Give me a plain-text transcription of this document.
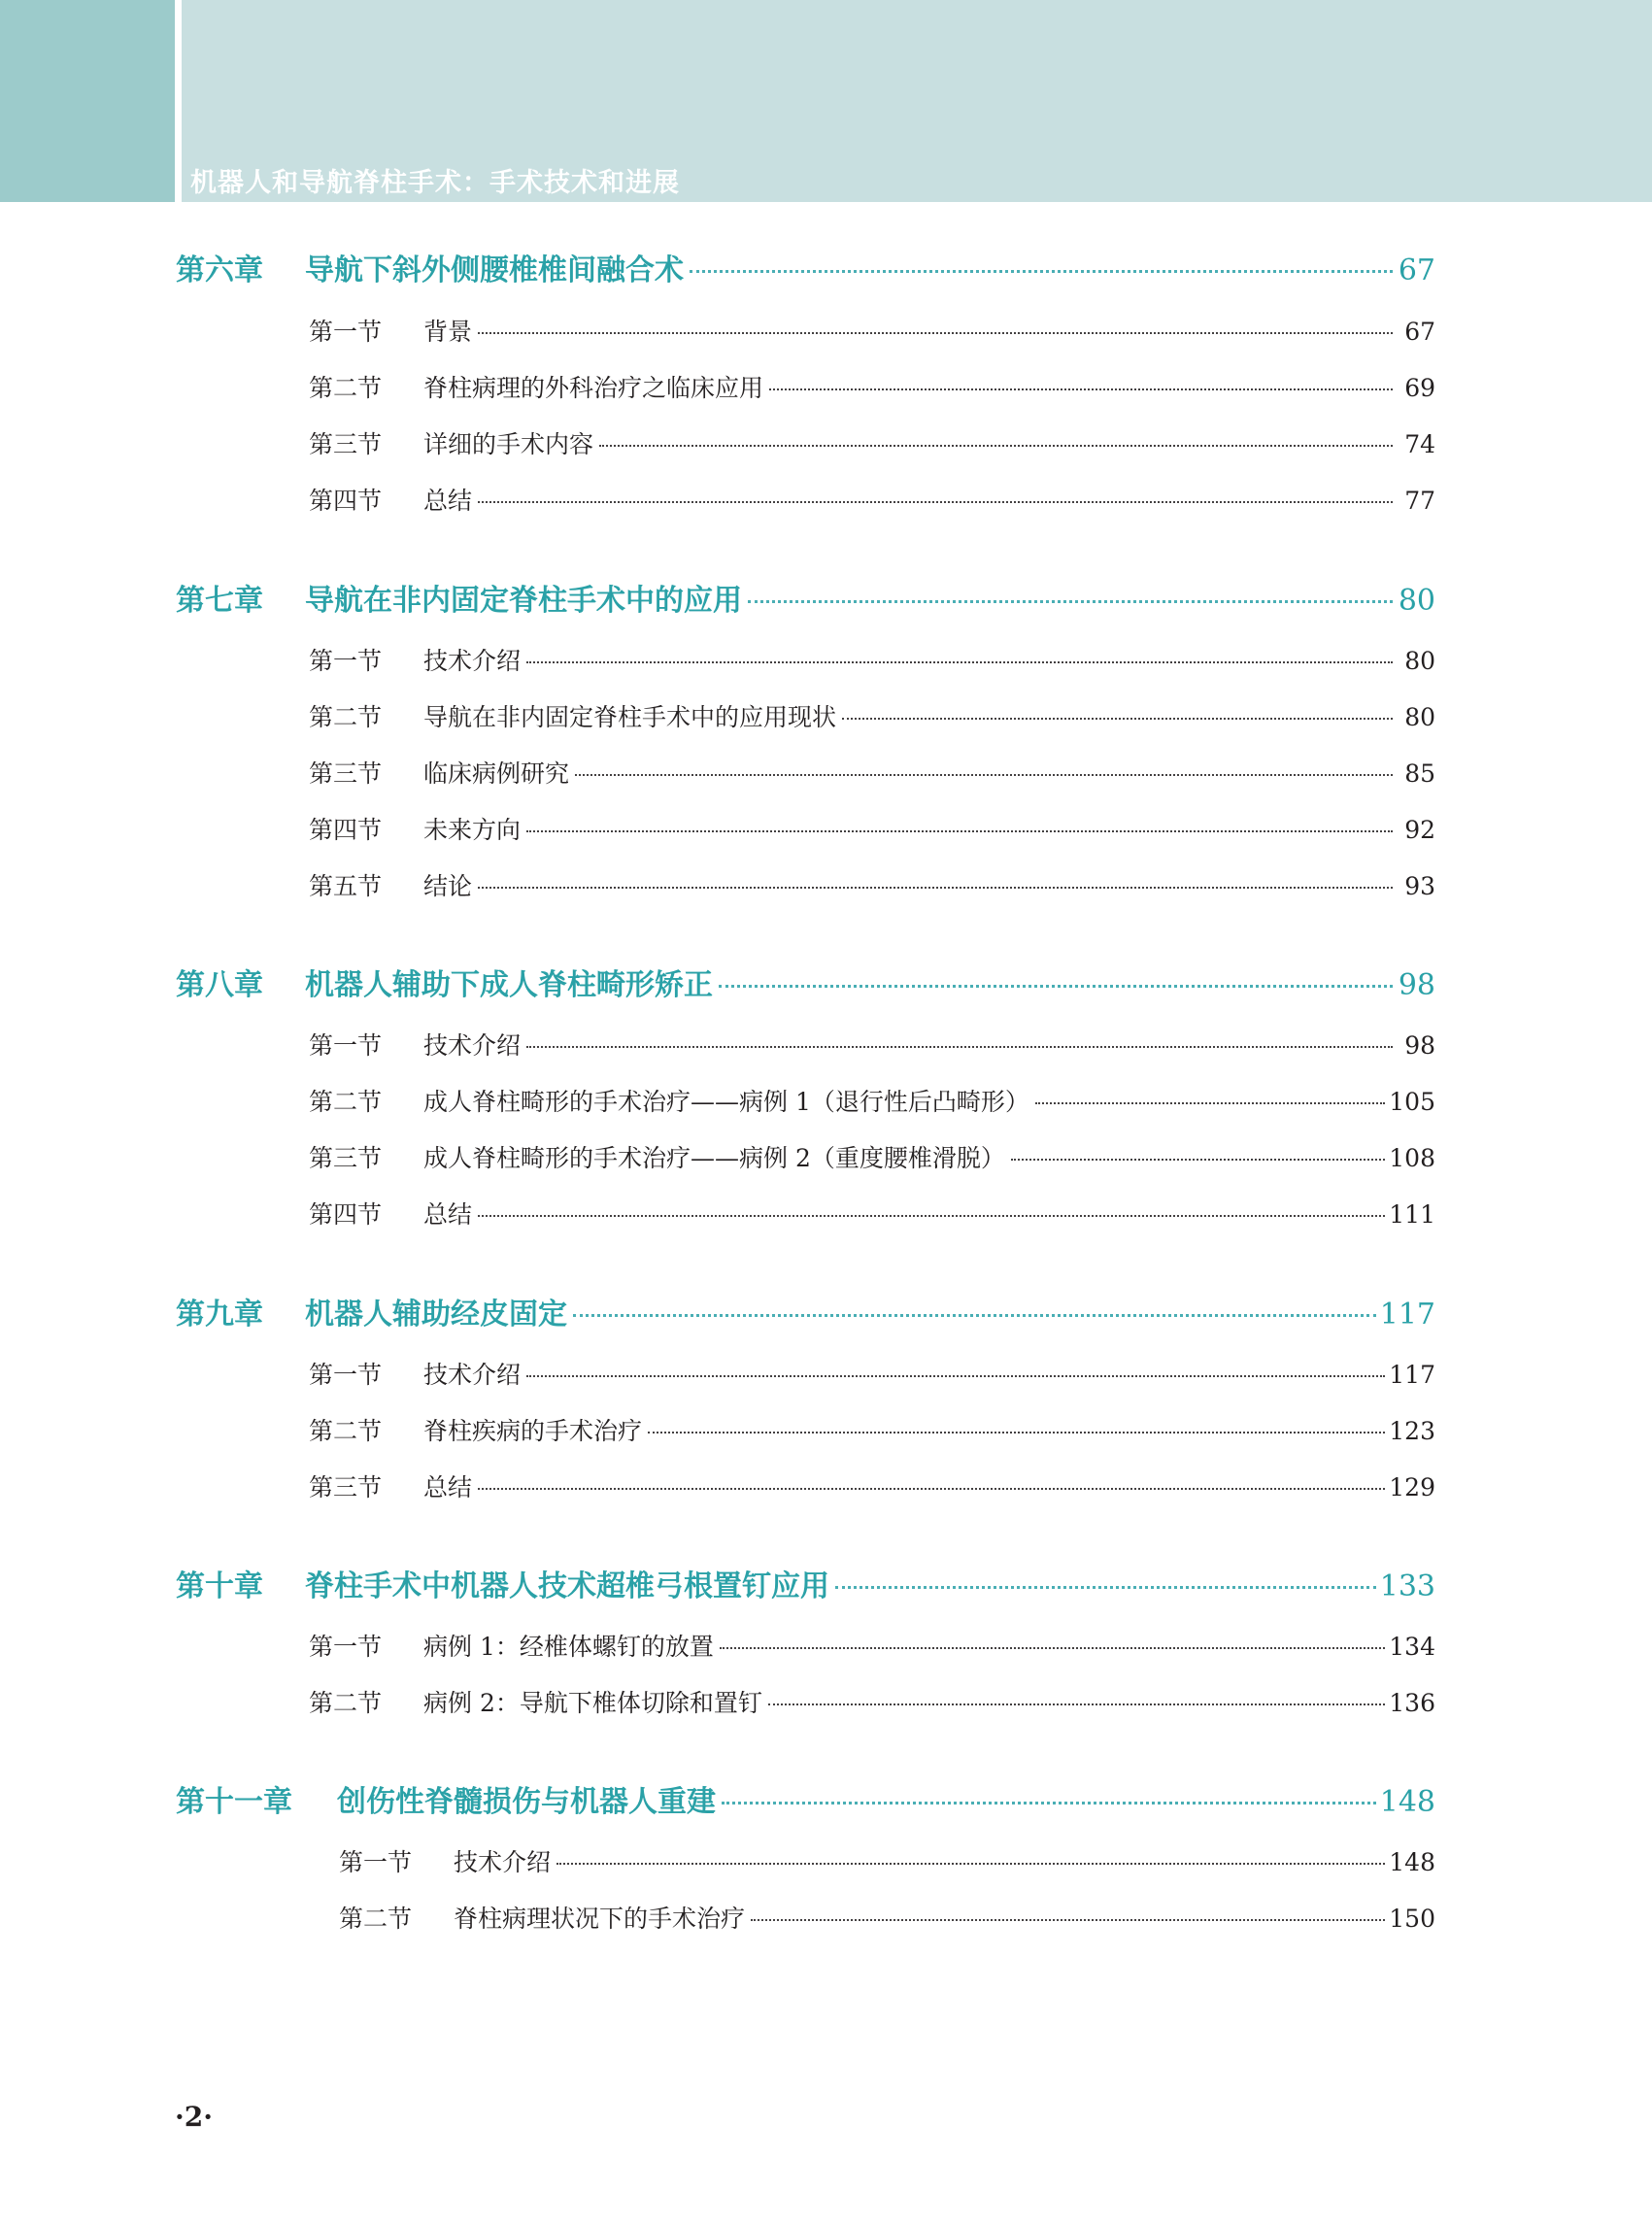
机器人和导航脊柱手术：手术技术和进展
第六章	导航下斜外侧腰椎椎间融合术	67
第一节	背景	67
第二节	脊柱病理的外科治疗之临床应用	69
第三节	详细的手术内容	74
第四节	总结	77
第七章	导航在非内固定脊柱手术中的应用	80
第一节	技术介绍	80
第二节	导航在非内固定脊柱手术中的应用现状	80
第三节	临床病例研究	85
第四节	未来方向	92
第五节	结论	93
第八章	机器人辅助下成人脊柱畸形矫正	98
第一节	技术介绍	98
第二节	成人脊柱畸形的手术治疗——病例 1（退行性后凸畸形）	105
第三节	成人脊柱畸形的手术治疗——病例 2（重度腰椎滑脱）	108
第四节	总结	111
第九章	机器人辅助经皮固定	117
第一节	技术介绍	117
第二节	脊柱疾病的手术治疗	123
第三节	总结	129
第十章	脊柱手术中机器人技术超椎弓根置钉应用	133
第一节	病例 1：经椎体螺钉的放置	134
第二节	病例 2：导航下椎体切除和置钉	136
第十一章	创伤性脊髓损伤与机器人重建	148
第一节	技术介绍	148
第二节	脊柱病理状况下的手术治疗	150
·2·
